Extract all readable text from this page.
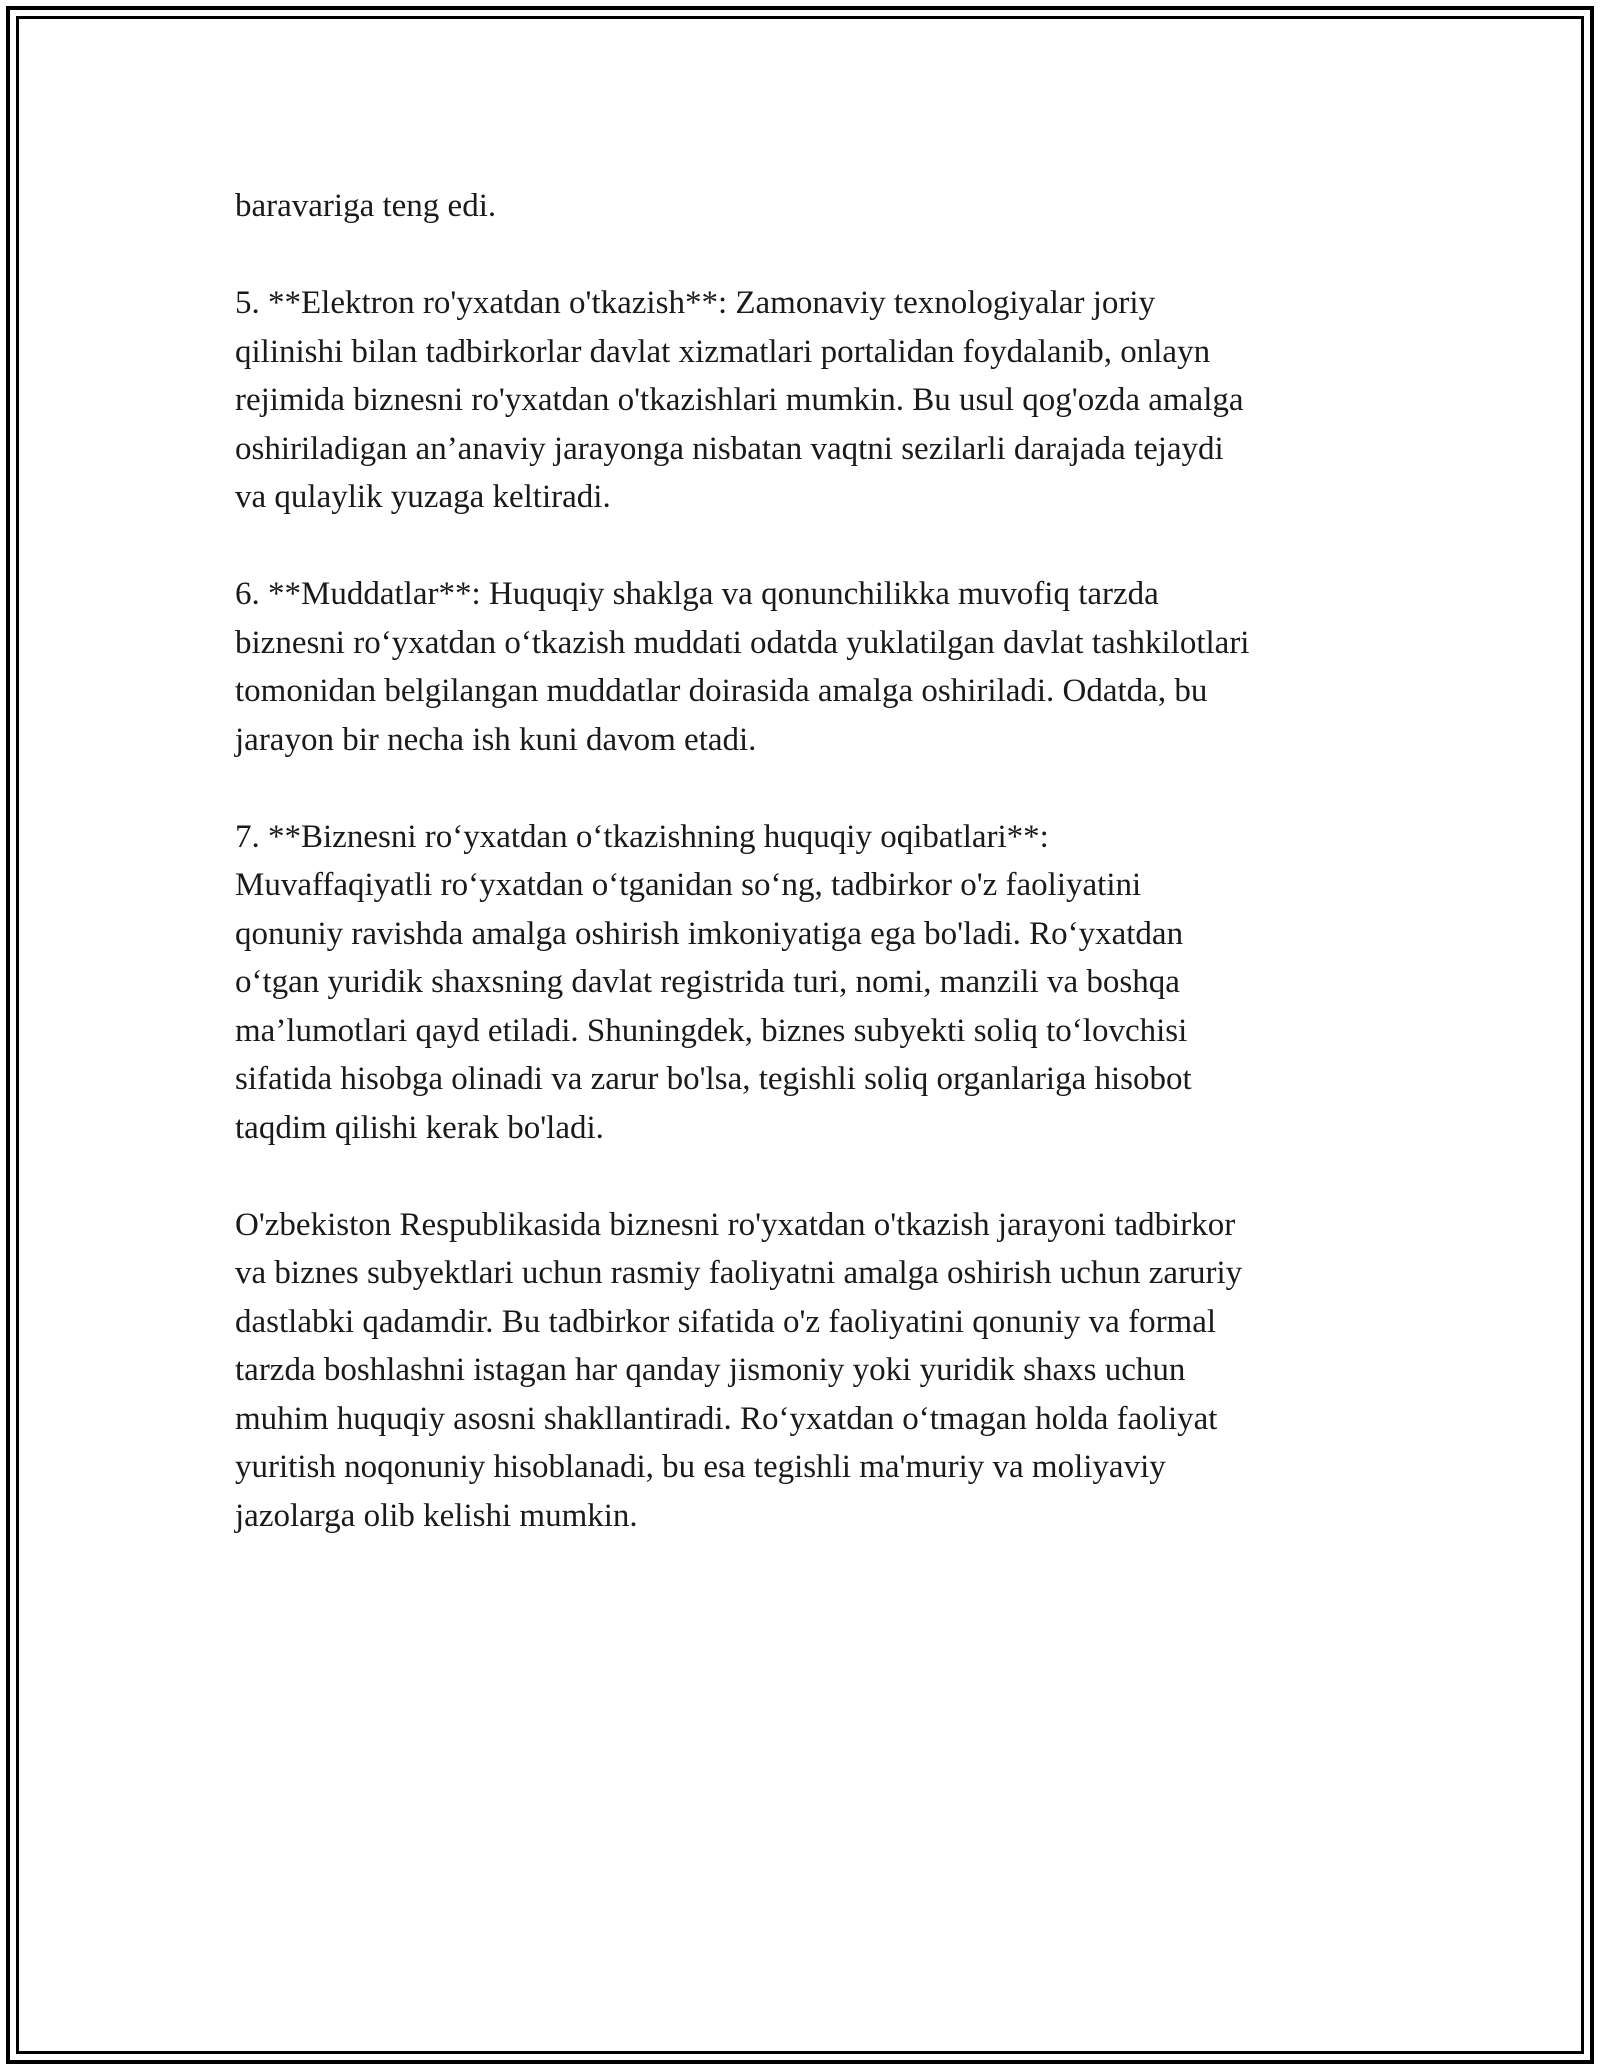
baravariga teng edi.

5. **Elektron ro'yxatdan o'tkazish**: Zamonaviy texnologiyalar joriy
qilinishi bilan tadbirkorlar davlat xizmatlari portalidan foydalanib, onlayn
rejimida biznesni ro'yxatdan o'tkazishlari mumkin. Bu usul qog'ozda amalga
oshiriladigan an’anaviy jarayonga nisbatan vaqtni sezilarli darajada tejaydi
va qulaylik yuzaga keltiradi.

6. **Muddatlar**: Huquqiy shaklga va qonunchilikka muvofiq tarzda
biznesni ro‘yxatdan o‘tkazish muddati odatda yuklatilgan davlat tashkilotlari
tomonidan belgilangan muddatlar doirasida amalga oshiriladi. Odatda, bu
jarayon bir necha ish kuni davom etadi.

7. **Biznesni ro‘yxatdan o‘tkazishning huquqiy oqibatlari**:
Muvaffaqiyatli ro‘yxatdan o‘tganidan so‘ng, tadbirkor o'z faoliyatini
qonuniy ravishda amalga oshirish imkoniyatiga ega bo'ladi. Ro‘yxatdan
o‘tgan yuridik shaxsning davlat registrida turi, nomi, manzili va boshqa
ma’lumotlari qayd etiladi. Shuningdek, biznes subyekti soliq to‘lovchisi
sifatida hisobga olinadi va zarur bo'lsa, tegishli soliq organlariga hisobot
taqdim qilishi kerak bo'ladi.

O'zbekiston Respublikasida biznesni ro'yxatdan o'tkazish jarayoni tadbirkor
va biznes subyektlari uchun rasmiy faoliyatni amalga oshirish uchun zaruriy
dastlabki qadamdir. Bu tadbirkor sifatida o'z faoliyatini qonuniy va formal
tarzda boshlashni istagan har qanday jismoniy yoki yuridik shaxs uchun
muhim huquqiy asosni shakllantiradi. Ro‘yxatdan o‘tmagan holda faoliyat
yuritish noqonuniy hisoblanadi, bu esa tegishli ma'muriy va moliyaviy
jazolarga olib kelishi mumkin.
